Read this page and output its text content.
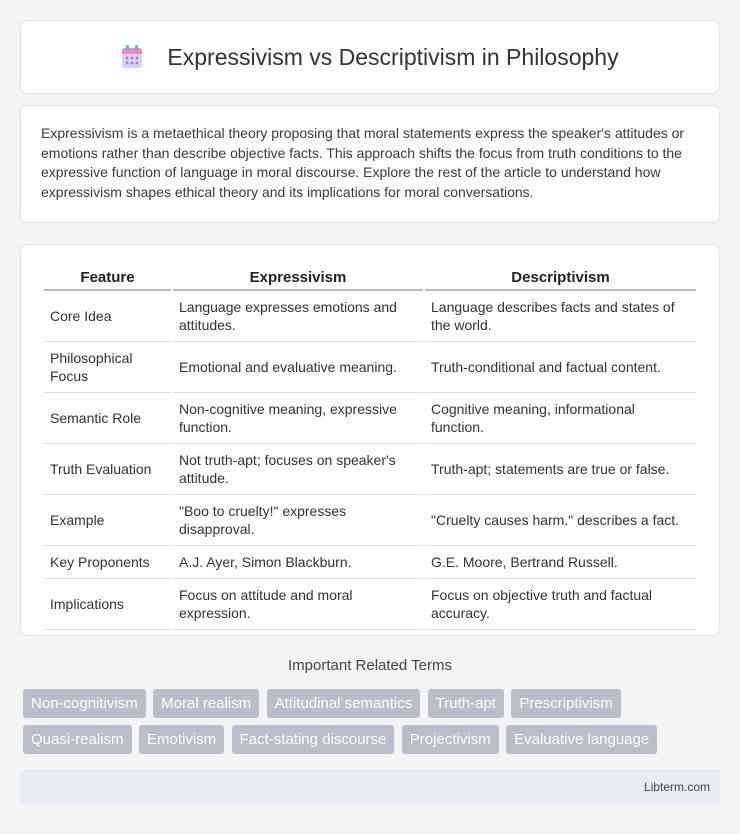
Expressivism vs Descriptivism in Philosophy

Expressivism is a metaethical theory proposing that moral statements express the speaker's attitudes or emotions rather than describe objective facts. This approach shifts the focus from truth conditions to the expressive function of language in moral discourse. Explore the rest of the article to understand how expressivism shapes ethical theory and its implications for moral conversations.

Feature	Expressivism	Descriptivism
Core Idea	Language expresses emotions and attitudes.	Language describes facts and states of the world.
Philosophical Focus	Emotional and evaluative meaning.	Truth-conditional and factual content.
Semantic Role	Non-cognitive meaning, expressive function.	Cognitive meaning, informational function.
Truth Evaluation	Not truth-apt; focuses on speaker's attitude.	Truth-apt; statements are true or false.
Example	"Boo to cruelty!" expresses disapproval.	"Cruelty causes harm." describes a fact.
Key Proponents	A.J. Ayer, Simon Blackburn.	G.E. Moore, Bertrand Russell.
Implications	Focus on attitude and moral expression.	Focus on objective truth and factual accuracy.
Important Related Terms
Non-cognitivism Moral realism Attitudinal semantics Truth-apt Prescriptivism
Quasi-realism Emotivism Fact-stating discourse Projectivism Evaluative language
Libterm.com
